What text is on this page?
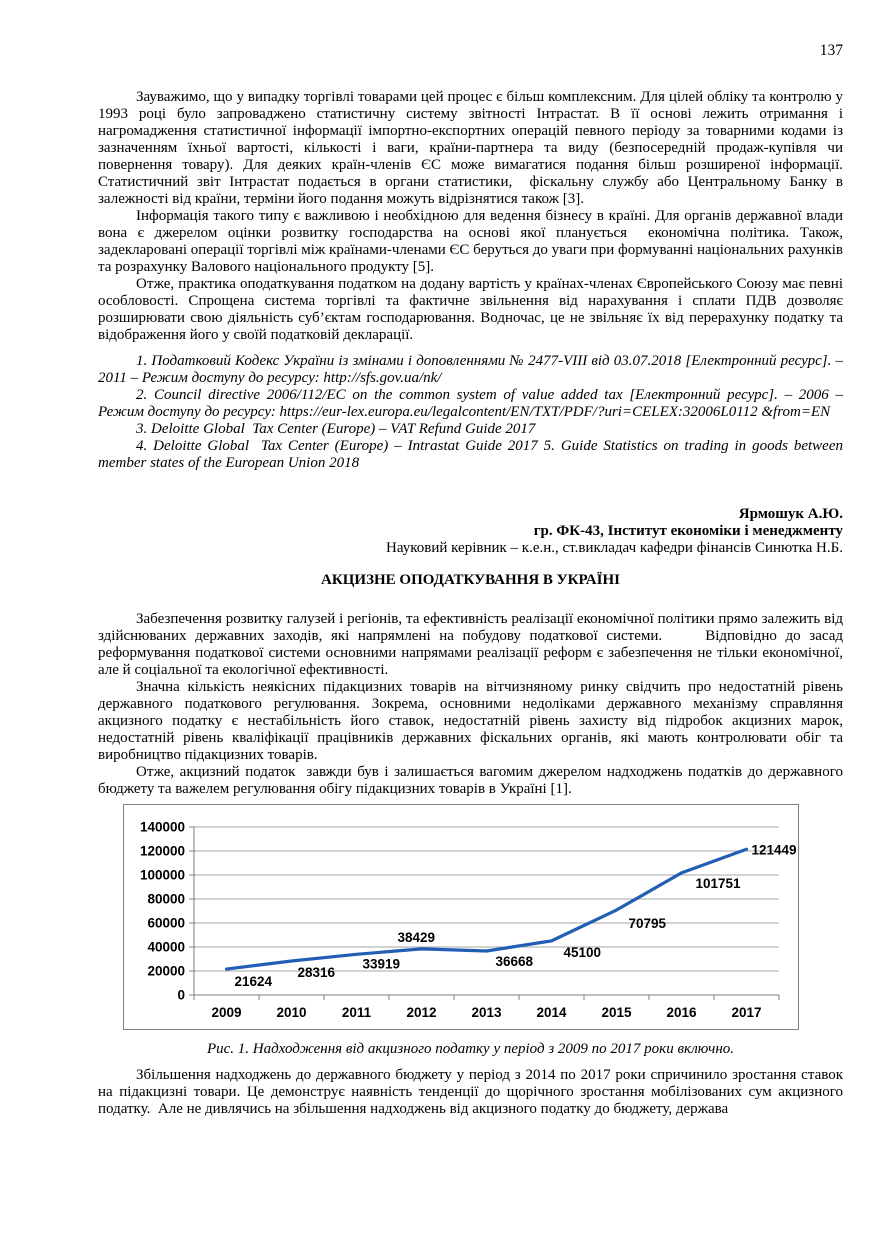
137

Зауважимо, що у випадку торгівлі товарами цей процес є більш комплексним. Для цілей обліку та контролю у 1993 році було запроваджено статистичну систему звітності Інтрастат. В її основі лежить отримання і нагромадження статистичної інформації імпортно-експортних операцій певного періоду за товарними кодами із зазначенням їхньої вартості, кількості і ваги, країни-партнера та виду (безпосередній продаж-купівля чи повернення товару). Для деяких країн-членів ЄС може вимагатися подання більш розширеної інформації. Статистичний звіт Інтрастат подається в органи статистики,  фіскальну службу або Центральному Банку в залежності від країни, терміни його подання можуть відрізнятися також [3].

Інформація такого типу є важливою і необхідною для ведення бізнесу в країні. Для органів державної влади вона є джерелом оцінки розвитку господарства на основі якої планується  економічна політика. Також, задекларовані операції торгівлі між країнами-членами ЄС беруться до уваги при формуванні національних рахунків та розрахунку Валового національного продукту [5].

Отже, практика оподаткування податком на додану вартість у країнах-членах Європейського Союзу має певні особловості. Спрощена система торгівлі та фактичне звільнення від нарахування і сплати ПДВ дозволяє розширювати свою діяльність суб’єктам господарювання. Водночас, це не звільняє їх від перерахунку податку та відображення його у своїй податковій декларації.

1. Податковий Кодекс України із змінами і доповленнями № 2477-VIII від 03.07.2018 [Електронний ресурс]. – 2011 – Режим доступу до ресурсу: http://sfs.gov.ua/nk/

2. Council directive 2006/112/EC on the common system of value added tax [Електронний ресурс]. – 2006 – Режим доступу до ресурсу: https://eur-lex.europa.eu/legalcontent/EN/TXT/PDF/?uri=CELEX:32006L0112 &from=EN

3. Deloitte Global  Tax Center (Europe) – VAT Refund Guide 2017

4. Deloitte Global  Tax Center (Europe) – Intrastat Guide 2017 5. Guide Statistics on trading in goods between member states of the European Union 2018

Ярмошук А.Ю.
гр. ФК-43, Інститут економіки і менеджменту
Науковий керівник – к.е.н., ст.викладач кафедри фінансів Синютка Н.Б.
АКЦИЗНЕ ОПОДАТКУВАННЯ В УКРАЇНІ

Забезпечення розвитку галузей і регіонів, та ефективність реалізації економічної політики прямо залежить від здійснюваних державних заходів, які напрямлені на побудову податкової системи.     Відповідно до засад реформування податкової системи основними напрямами реалізації реформ є забезпечення не тільки економічної, але й соціальної та екологічної ефективності.

Значна кількість неякісних підакцизних товарів на вітчизняному ринку свідчить про недостатній рівень державного податкового регулювання. Зокрема, основними недоліками державного механізму справляння акцизного податку є нестабільність його ставок, недостатній рівень захисту від підробок акцизних марок, недостатній рівень кваліфікації працівників державних фіскальних органів, які мають контролювати обіг та виробництво підакцизних товарів.

Отже, акцизний податок  завжди був і залишається вагомим джерелом надходжень податків до державного бюджету та важелем регулювання обігу підакцизних товарів в Україні [1].

0
20000
40000
60000
80000
100000
120000
140000
2009	2010	2011	2012	2013	2014	2015	2016	2017
21624
28316
33919
38429
36668
45100
70795
101751
121449

Рис. 1. Надходження від акцизного податку у період з 2009 по 2017 роки включно.

Збільшення надходжень до державного бюджету у період з 2014 по 2017 роки спричинило зростання ставок на підакцизні товари. Це демонструє наявність тенденції до щорічного зростання мобілізованих сум акцизного податку.  Але не дивлячись на збільшення надходжень від акцизного податку до бюджету, держава
